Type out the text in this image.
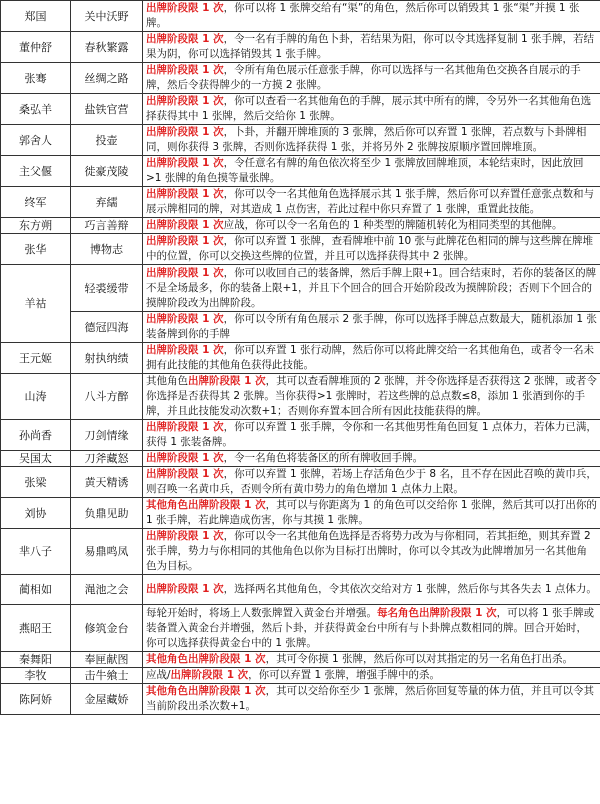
郑国	关中沃野	出牌阶段限 1 次，你可以将 1 张牌交给有“渠”的角色，然后你可以销毁其 1 张“渠”并摸 1 张牌。
董仲舒	春秋繁露	出牌阶段限 1 次，令一名有手牌的角色卜卦，若结果为阳，你可以令其选择复制 1 张手牌，若结果为阴，你可以选择销毁其 1 张手牌。
张骞	丝绸之路	出牌阶段限 1 次，令所有角色展示任意张手牌，你可以选择与一名其他角色交换各自展示的手牌，然后令获得牌少的一方摸 2 张牌。
桑弘羊	盐铁官营	出牌阶段限 1 次，你可以查看一名其他角色的手牌，展示其中所有的牌，令另外一名其他角色选择获得其中 1 张牌，然后交给你 1 张牌。
郭舍人	投壶	出牌阶段限 1 次，卜卦，并翻开牌堆顶的 3 张牌，然后你可以弃置 1 张牌，若点数与卜卦牌相同，则你获得 3 张牌，否则你选择获得 1 张，并将另外 2 张牌按原顺序置回牌堆顶。
主父偃	徙豪茂陵	出牌阶段限 1 次，令任意名有牌的角色依次将至少 1 张牌放回牌堆顶，本轮结束时，因此放回>1 张牌的角色摸等量张牌。
终军	弃繻	出牌阶段限 1 次，你可以令一名其他角色选择展示其 1 张手牌，然后你可以弃置任意张点数和与展示牌相同的牌，对其造成 1 点伤害，若此过程中你只弃置了 1 张牌，重置此技能。
东方朔	巧言善辩	出牌阶段限 1 次应战，你可以令一名角色的 1 种类型的牌随机转化为相同类型的其他牌。
张华	博物志	出牌阶段限 1 次，你可以弃置 1 张牌，查看牌堆中前 10 张与此牌花色相同的牌与这些牌在牌堆中的位置，你可以交换这些牌的位置，并且可以选择获得其中 2 张牌。
羊祜	轻裘缓带	出牌阶段限 1 次，你可以收回自己的装备牌，然后手牌上限+1。回合结束时，若你的装备区的牌不是全场最多，你的装备上限+1，并且下个回合的回合开始阶段改为摸牌阶段；否则下个回合的摸牌阶段改为出牌阶段。
	德冠四海	出牌阶段限 1 次，你可以令所有角色展示 2 张手牌，你可以选择手牌总点数最大，随机添加 1 张装备牌到你的手牌
王元姬	射执纳绩	出牌阶段限 1 次，你可以弃置 1 张行动牌，然后你可以将此牌交给一名其他角色，或者令一名未拥有此技能的其他角色获得此技能。
山涛	八斗方醉	其他角色出牌阶段限 1 次，其可以查看牌堆顶的 2 张牌，并令你选择是否获得这 2 张牌，或者令你选择是否获得其 2 张牌。当你获得>1 张牌时，若这些牌的总点数≤8，添加 1 张酒到你的手牌，并且此技能发动次数+1；否则你弃置本回合所有因此技能获得的牌。
孙尚香	刀剑情缘	出牌阶段限 1 次，你可以弃置 1 张手牌，令你和一名其他男性角色回复 1 点体力，若体力已满，获得 1 张装备牌。
吴国太	刀斧藏怒	出牌阶段限 1 次，令一名角色将装备区的所有牌收回手牌。
张梁	黄天精诱	出牌阶段限 1 次，你可以弃置 1 张牌，若场上存活角色少于 8 名，且不存在因此召唤的黄巾兵，则召唤一名黄巾兵，否则令所有黄巾势力的角色增加 1 点体力上限。
刘协	负鼎见助	其他角色出牌阶段限 1 次，其可以与你距离为 1 的角色可以交给你 1 张牌，然后其可以打出你的 1 张手牌，若此牌造成伤害，你与其摸 1 张牌。
芈八子	易鼎鸣凤	出牌阶段限 1 次，你可以令一名其他角色选择是否将势力改为与你相同，若其拒绝，则其弃置 2 张手牌，势力与你相同的其他角色以你为目标打出牌时，你可以令其改为此牌增加另一名其他角色为目标。
蔺相如	渑池之会	出牌阶段限 1 次，选择两名其他角色，令其依次交给对方 1 张牌，然后你与其各失去 1 点体力。
燕昭王	修筑金台	每轮开始时，将场上人数张牌置入黄金台并增强。每名角色出牌阶段限 1 次，可以将 1 张手牌或装备置入黄金台并增强，然后卜卦，并获得黄金台中所有与卜卦牌点数相同的牌。回合开始时，你可以选择获得黄金台中的 1 张牌。
秦舞阳	奉匣献图	其他角色出牌阶段限 1 次，其可令你摸 1 张牌，然后你可以对其指定的另一名角色打出杀。
李牧	击牛飨士	应战/出牌阶段限 1 次，你可以弃置 1 张牌，增强手牌中的杀。
陈阿娇	金屋藏娇	其他角色出牌阶段限 1 次，其可以交给你至少 1 张牌，然后你回复等量的体力值，并且可以令其当前阶段出杀次数+1。
